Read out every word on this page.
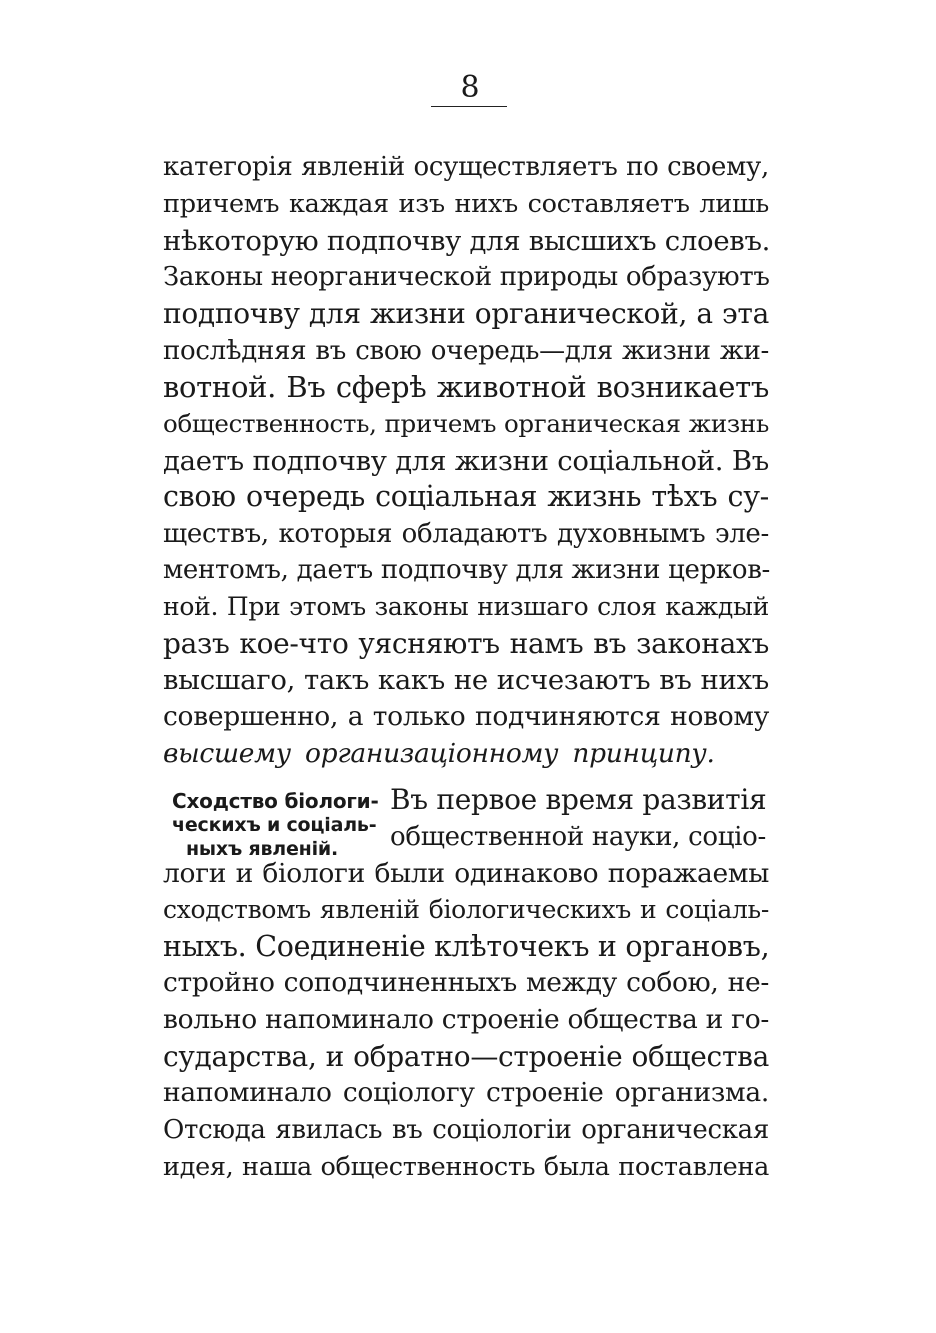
8
категорія явленій осуществляетъ по своему,
причемъ каждая изъ нихъ составляетъ лишь
нѣкоторую подпочву для высшихъ слоевъ.
Законы неорганической природы образуютъ
подпочву для жизни органической, а эта
послѣдняя въ свою очередь—для жизни жи-
вотной. Въ сферѣ животной возникаетъ
общественность, причемъ органическая жизнь
даетъ подпочву для жизни соціальной. Въ
свою очередь соціальная жизнь тѣхъ су-
ществъ, которыя обладаютъ духовнымъ эле-
ментомъ, даетъ подпочву для жизни церков-
ной. При этомъ законы низшаго слоя каждый
разъ кое-что уясняютъ намъ въ законахъ
высшаго, такъ какъ не исчезаютъ въ нихъ
совершенно, а только подчиняются новому
высшему организаціонному принципу.
Сходство біологи-
ческихъ и соціаль-
ныхъ явленій.
Въ первое время развитія
общественной науки, соціо-
логи и біологи были одинаково поражаемы
сходствомъ явленій біологическихъ и соціаль-
ныхъ. Соединеніе клѣточекъ и органовъ,
стройно соподчиненныхъ между собою, не-
вольно напоминало строеніе общества и го-
сударства, и обратно—строеніе общества
напоминало соціологу строеніе организма.
Отсюда явилась въ соціологіи органическая
идея, наша общественность была поставлена
